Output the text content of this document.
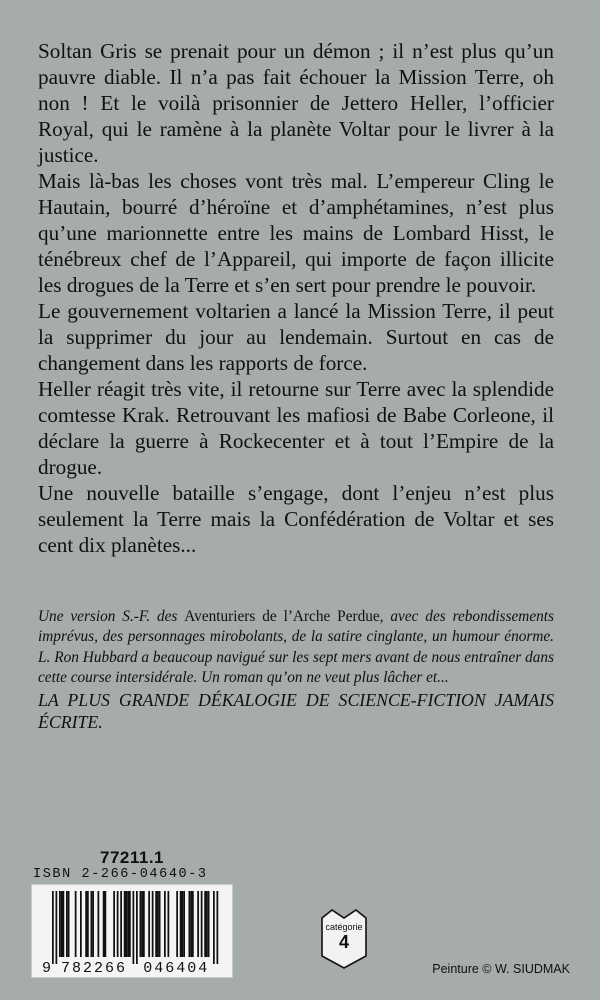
Soltan Gris se prenait pour un démon ; il n’est plus qu’un pauvre diable. Il n’a pas fait échouer la Mission Terre, oh non ! Et le voilà prisonnier de Jettero Heller, l’officier Royal, qui le ramène à la planète Voltar pour le livrer à la justice.

Mais là-bas les choses vont très mal. L’empereur Cling le Hautain, bourré d’héroïne et d’amphétamines, n’est plus qu’une marionnette entre les mains de Lombard Hisst, le ténébreux chef de l’Appareil, qui importe de façon illicite les drogues de la Terre et s’en sert pour prendre le pouvoir.

Le gouvernement voltarien a lancé la Mission Terre, il peut la supprimer du jour au lendemain. Surtout en cas de changement dans les rapports de force.

Heller réagit très vite, il retourne sur Terre avec la splendide comtesse Krak. Retrouvant les mafiosi de Babe Corleone, il déclare la guerre à Rockecenter et à tout l’Empire de la drogue.

Une nouvelle bataille s’engage, dont l’enjeu n’est plus seulement la Terre mais la Confédération de Voltar et ses cent dix planètes...

Une version S.-F. des Aventuriers de l’Arche Perdue, avec des rebondissements imprévus, des personnages mirobolants, de la satire cinglante, un humour énorme. L. Ron Hubbard a beaucoup navigué sur les sept mers avant de nous entraîner dans cette course intersidérale. Un roman qu’on ne veut plus lâcher et...

LA PLUS GRANDE DÉKALOGIE DE SCIENCE-FICTION JAMAIS ÉCRITE.

77211.1
ISBN 2-266-04640-3
9 782266 046404
catégorie
4
Peinture © W. SIUDMAK
